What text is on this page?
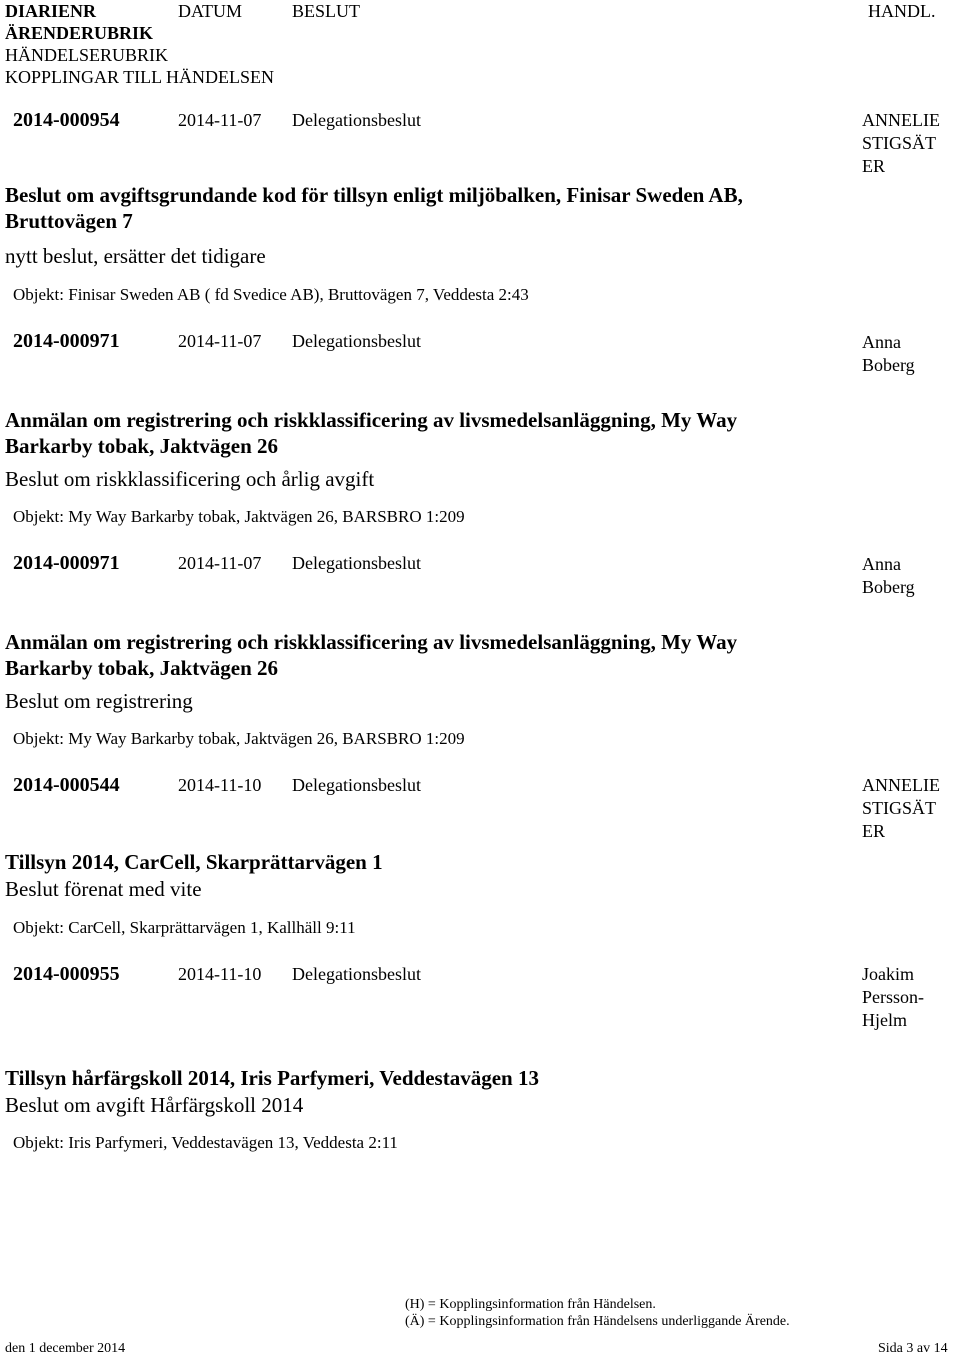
DIARIENR	DATUM	BESLUT	HANDL.
ÄRENDERUBRIK
HÄNDELSERUBRIK
KOPPLINGAR TILL HÄNDELSEN
2014-000954	2014-11-07 Delegationsbeslut	ANNELIE
STIGSÄT
ER
Beslut om avgiftsgrundande kod för tillsyn enligt miljöbalken, Finisar Sweden AB,
Bruttovägen 7
nytt beslut, ersätter det tidigare
Objekt: Finisar Sweden AB ( fd Svedice AB), Bruttovägen 7, Veddesta 2:43
2014-000971	2014-11-07 Delegationsbeslut	Anna
Boberg
Anmälan om registrering och riskklassificering av livsmedelsanläggning, My Way
Barkarby tobak, Jaktvägen 26
Beslut om riskklassificering och årlig avgift
Objekt: My Way Barkarby tobak, Jaktvägen 26, BARSBRO 1:209
2014-000971	2014-11-07 Delegationsbeslut	Anna
Boberg
Anmälan om registrering och riskklassificering av livsmedelsanläggning, My Way
Barkarby tobak, Jaktvägen 26
Beslut om registrering
Objekt: My Way Barkarby tobak, Jaktvägen 26, BARSBRO 1:209
2014-000544	2014-11-10 Delegationsbeslut	ANNELIE
STIGSÄT
ER
Tillsyn 2014, CarCell, Skarprättarvägen 1
Beslut förenat med vite
Objekt: CarCell, Skarprättarvägen 1, Kallhäll 9:11
2014-000955	2014-11-10 Delegationsbeslut	Joakim
Persson-
Hjelm
Tillsyn hårfärgskoll 2014, Iris Parfymeri, Veddestavägen 13
Beslut om avgift Hårfärgskoll 2014
Objekt: Iris Parfymeri, Veddestavägen 13, Veddesta 2:11
(H) = Kopplingsinformation från Händelsen.
(Ä) = Kopplingsinformation från Händelsens underliggande Ärende.
den 1 december 2014	Sida 3 av 14
